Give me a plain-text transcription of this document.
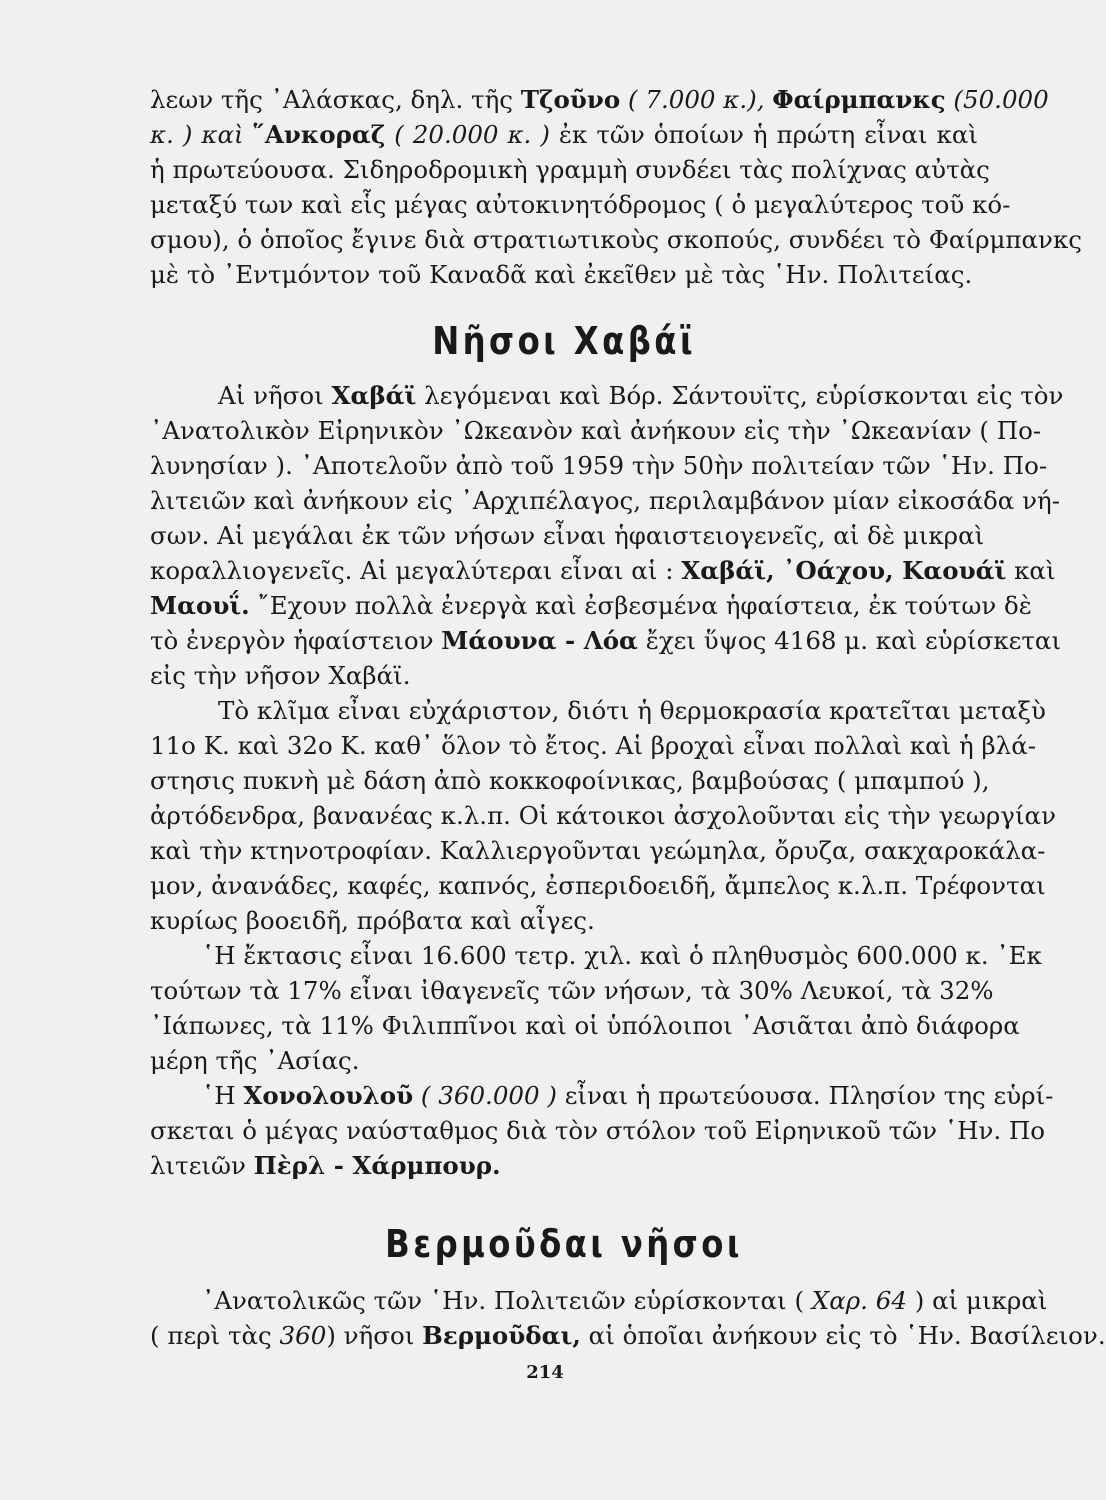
λεων τῆς ᾿Αλάσκας, δηλ. τῆς Τζοῦνο ( 7.000 κ.), Φαίρμπανκς (50.000
κ. ) καὶ ῞Ανκοραζ ( 20.000 κ. ) ἐκ τῶν ὁποίων ἡ πρώτη εἶναι καὶ
ἡ πρωτεύουσα. Σιδηροδρομικὴ γραμμὴ συνδέει τὰς πολίχνας αὐτὰς
μεταξύ των καὶ εἷς μέγας αὐτοκινητόδρομος ( ὁ μεγαλύτερος τοῦ κό-
σμου), ὁ ὁποῖος ἔγινε διὰ στρατιωτικοὺς σκοπούς, συνδέει τὸ Φαίρμπανκς
μὲ τὸ ᾿Εντμόντον τοῦ Καναδᾶ καὶ ἐκεῖθεν μὲ τὰς ῾Ην. Πολιτείας.
Νῆσοι Χαβάϊ
Αἱ νῆσοι Χαβάϊ λεγόμεναι καὶ Βόρ. Σάντουϊτς, εὑρίσκονται εἰς τὸν
᾿Ανατολικὸν Εἰρηνικὸν ᾿Ωκεανὸν καὶ ἀνήκουν εἰς τὴν ᾿Ωκεανίαν ( Πο-
λυνησίαν ). ᾿Αποτελοῦν ἀπὸ τοῦ 1959 τὴν 50ὴν πολιτείαν τῶν ῾Ην. Πο-
λιτειῶν καὶ ἀνήκουν εἰς ᾿Αρχιπέλαγος, περιλαμβάνον μίαν εἰκοσάδα νή-
σων. Αἱ μεγάλαι ἐκ τῶν νήσων εἶναι ἡφαιστειογενεῖς, αἱ δὲ μικραὶ
κοραλλιογενεῖς. Αἱ μεγαλύτεραι εἶναι αἱ : Χαβάϊ, ᾿Οάχου, Καουάϊ καὶ
Μαουΐ. ῎Εχουν πολλὰ ἐνεργὰ καὶ ἐσβεσμένα ἡφαίστεια, ἐκ τούτων δὲ
τὸ ἐνεργὸν ἡφαίστειον Μάουνα - Λόα ἔχει ὕψος 4168 μ. καὶ εὑρίσκεται
εἰς τὴν νῆσον Χαβάϊ.
Τὸ κλῖμα εἶναι εὐχάριστον, διότι ἡ θερμοκρασία κρατεῖται μεταξὺ
11ο Κ. καὶ 32ο Κ. καθ᾿ ὅλον τὸ ἔτος. Αἱ βροχαὶ εἶναι πολλαὶ καὶ ἡ βλά-
στησις πυκνὴ μὲ δάση ἀπὸ κοκκοφοίνικας, βαμβούσας ( μπαμπού ),
ἀρτόδενδρα, βανανέας κ.λ.π. Οἱ κάτοικοι ἀσχολοῦνται εἰς τὴν γεωργίαν
καὶ τὴν κτηνοτροφίαν. Καλλιεργοῦνται γεώμηλα, ὄρυζα, σακχαροκάλα-
μον, ἀνανάδες, καφές, καπνός, ἐσπεριδοειδῆ, ἄμπελος κ.λ.π. Τρέφονται
κυρίως βοοειδῆ, πρόβατα καὶ αἶγες.
῾Η ἔκτασις εἶναι 16.600 τετρ. χιλ. καὶ ὁ πληθυσμὸς 600.000 κ. ᾿Εκ
τούτων τὰ 17% εἶναι ἰθαγενεῖς τῶν νήσων, τὰ 30% Λευκοί, τὰ 32%
᾿Ιάπωνες, τὰ 11% Φιλιππῖνοι καὶ οἱ ὑπόλοιποι ᾿Ασιᾶται ἀπὸ διάφορα
μέρη τῆς ᾿Ασίας.
῾Η Χονολουλοῦ ( 360.000 ) εἶναι ἡ πρωτεύουσα. Πλησίον της εὑρί-
σκεται ὁ μέγας ναύσταθμος διὰ τὸν στόλον τοῦ Εἰρηνικοῦ τῶν ῾Ην. Πο
λιτειῶν Πὲρλ - Χάρμπουρ.
Βερμοῦδαι νῆσοι
᾿Ανατολικῶς τῶν ῾Ην. Πολιτειῶν εὑρίσκονται ( Χαρ. 64 ) αἱ μικραὶ
( περὶ τὰς 360) νῆσοι Βερμοῦδαι, αἱ ὁποῖαι ἀνήκουν εἰς τὸ ῾Ην. Βασίλειον.
214
